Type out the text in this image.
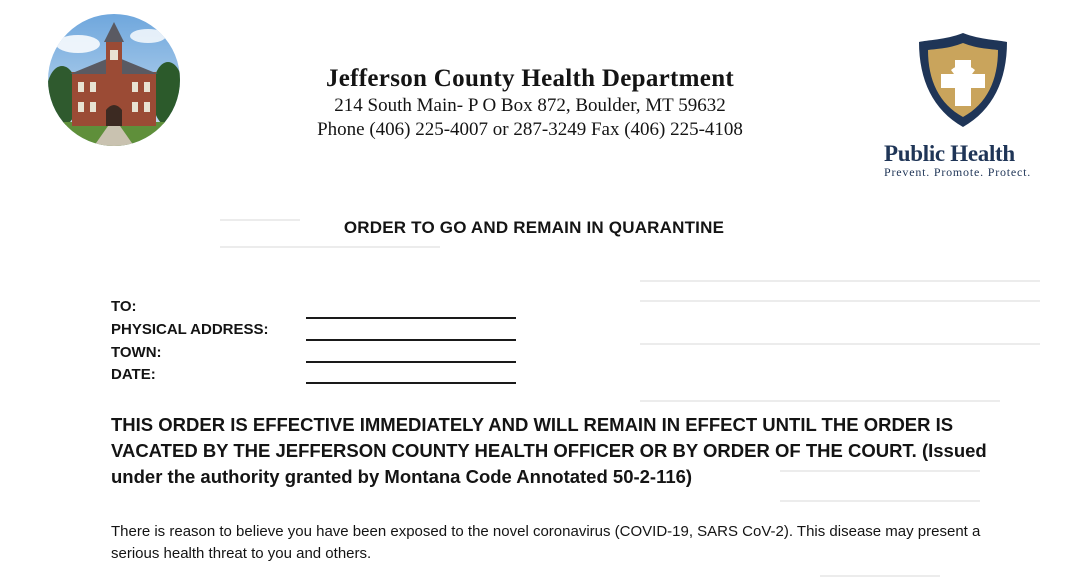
Jefferson County Health Department
214 South Main- P O Box 872, Boulder, MT 59632
Phone (406) 225-4007 or 287-3249 Fax (406) 225-4108
Public Health
Prevent. Promote. Protect.
ORDER TO GO AND REMAIN IN QUARANTINE
TO:
PHYSICAL ADDRESS:
TOWN:
DATE:
THIS ORDER IS EFFECTIVE IMMEDIATELY AND WILL REMAIN IN EFFECT UNTIL THE ORDER IS VACATED BY THE JEFFERSON COUNTY HEALTH OFFICER OR BY ORDER OF THE COURT. (Issued under the authority granted by Montana Code Annotated 50-2-116)
There is reason to believe you have been exposed to the novel coronavirus (COVID-19, SARS CoV-2). This disease may present a serious health threat to you and others.
